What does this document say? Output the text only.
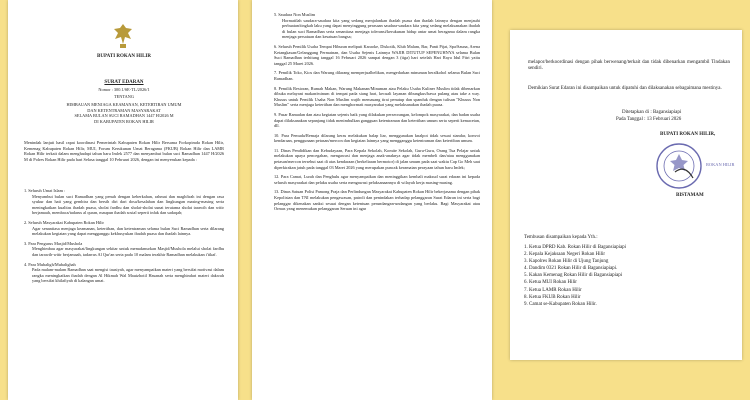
BUPATI ROKAN HILIR
SURAT EDARAN
Nomor : 300.1/SE-TL/2026/1
TENTANG
HIMBAUAN MENJAGA KEAMANAN, KETERTIBAN UMUM
DAN KETENTRAMAN MASYARAKAT
SELAMA BULAN SUCI RAMADHAN 1447 H/2026 M
DI KABUPATEN ROKAN HILIR
Menindak lanjuti hasil rapat koordinasi Pemerintah Kabupaten Rokan Hilir Bersama Forkopimda Rokan Hilir, Kemenag Kabupaten Rokan Hilir, MUI, Forum Kerukunan Umat Beragama (FKUB) Rokan Hilir dan LAMR Rokan Hilir terkait dalam menghadapi tahun baru Imlek 2577 dan menyambut bulan suci Ramadhan 1447 H/2026 M di Polres Rokan Hilir pada hari Selasa tanggal 10 Februari 2026, dengan ini menyerukan kepada :

1. Seluruh Umat Islam :

Menyambut bulan suci Ramadhan yang penuh dengan keberkahan, rahmat dan maghfirah ini dengan rasa syukur dan hati yang gembira dan bersih diri dari dosa/kesalahan dan lingkungan masing-masing serta meningkatkan kualitas ibadah puasa, sholat fardhu dan sholat-sholat sunat terutama sholat tarawih dan witir berjamaah, membaca/tadarus al quran, maupun ibadah sosial seperti infak dan sadaqah;

2. Seluruh Masyarakat Kabupaten Rokan Hilir

Agar senantiasa menjaga keamanan, ketertiban, dan ketentraman selama bulan Suci Ramadhan serta dilarang melakukan kegiatan yang dapat mengganggu kekhusyukan ibadah puasa dan ibadah lainnya.

3. Para Pengurus Masjid/Mushola

Menghimbau agar masyarakat/lingkungan sekitar untuk memakmurkan Masjid/Mushola melalui sholat fardhu dan tarawih-witir berjamaah, tadarrus Al Qur'an serta pada 10 malam terakhir Ramadhan melakukan i'tikaf.

4. Para Mubaligh/Mubalighah

Pada malam-malam Ramadhan saat mengisi tausiyah, agar menyampaikan materi yang bersifat motivasi dalam rangka meningkatkan ibadah dengan Al Hikmah Wal Mauizhotil Hasanah serta menghindari materi dakwah yang bersifat khilafiyah di kalangan umat.

5. Saudara Non Muslim

Hormatilah saudara-saudara kita yang sedang menjalankan ibadah puasa dan ibadah lainnya dengan menjauhi perbuatan/tingkah laku yang dapat menyinggung perasaan saudara-saudara kita yang sedang melaksanakan ibadah di bulan suci Ramadhan serta senantiasa menjaga toleransi/kerukunan hidup antar umat beragama dalam rangka menjaga persatuan dan kesatuan bangsa;

6. Seluruh Pemilik Usaha Tempat Hiburan meliputi Karaoke, Diskotik, Klub Malam, Bar, Panti Pijat, Spa/Sauna, Arena Ketangkasan/Gelanggang Permainan, dan Usaha Sejenis Lainnya WAJIB DITUTUP SEPENUHNYA selama Bulan Suci Ramadhan terhitung tanggal 16 Februari 2026 sampai dengan 3 (tiga) hari setelah Hari Raya Idul Fitri yaitu tanggal 25 Maret 2026.

7. Pemilik Toko, Kios dan Warung dilarang memperjualbelikan, mengedarkan minuman beralkohol selama Bulan Suci Ramadhan.

8. Pemilik Restoran, Rumah Makan, Warung Makanan/Minuman atau Pelaku Usaha Kuliner Muslim tidak dibenarkan dibuka melayani makan/minum di tempat pada siang hari, kecuali layanan dibungkus/bawa pulang atau take a way. Khusus untuk Pemilik Usaha Non Muslim wajib memasang tirai penutup dan spanduk dengan tulisan "Khusus Non Muslim" serta menjaga ketertiban dan menghormati masyarakat yang melaksanakan ibadah puasa.

9. Pasar Ramadan dan atau kegiatan sejenis baik yang dilakukan perseorangan, kelompok masyarakat, dan badan usaha dapat dilaksanakan sepanjang tidak menimbulkan gangguan ketentraman dan ketertiban umum serta seperti kemacetan, dll.

10. Para Pemuda/Remaja dilarang keras melakukan balap liar, menggunakan knalpot tidak sesuai standar, konvoi kendaraan, penggunaan petasan/mercon dan kegiatan lainnya yang mengganggu ketentraman dan ketertiban umum.

11. Dinas Pendidikan dan Kebudayaan, Para Kepala Sekolah, Komite Sekolah, Guru-Guru, Orang Tua Pelajar untuk melakukan upaya pencegahan, mengawasi dan menjaga anak-anaknya agar tidak membeli dan/atau menggunakan petasan/mercon tersebut saat di atas kendaraan (berkeliaran bermotor) di jalan umum pada saat waktu Cap Go Meh saat diperkirakan jatuh pada tanggal 03 Maret 2026 yang merupakan puncak keramaian perayaan tahun baru Imlek;

12. Para Camat, Lurah dan Penghulu agar menyampaikan dan meninggikan kembali maksud surat edaran ini kepada seluruh masyarakat dan pelaku usaha serta mengawasi pelaksanaannya di wilayah kerja masing-masing.

13. Dinas Satuan Polisi Pamong Praja dan Perlindungan Masyarakat Kabupaten Rokan Hilir bekerjasama dengan pihak Kepolisian dan TNI melakukan pengawasan, patroli dan penindakan terhadap pelanggaran Surat Edaran ini serta bagi pelanggar dikenakan sanksi sesuai dengan ketentuan perundangan-undangan yang berlaku. Bagi Masyarakat atau Ormas yang menemukan pelanggaran Seruan ini agar

melapor/berkoordinasi dengan pihak berwenang/terkait dan tidak dibenarkan mengambil Tindakan sendiri.
Demikian Surat Edaran ini disampaikan untuk dipatuhi dan dilaksanakan sebagaimana mestinya.
Ditetapkan di : Bagansiapiapi
Pada Tanggal : 13 Februari 2026
BUPATI ROKAN HILIR,
ROKAN HILIR
BISTAMAM
Tembusan disampaikan kepada Yth.:
1. Ketua DPRD Kab. Rokan Hilir di Bagansiapiapi
2. Kepala Kejaksaan Negeri Rokan Hilir
3. Kapolres Rokan Hilir di Ujung Tanjung
4. Dandim 0321 Rokan Hilir di Bagansiapiapi.
5. Kakan Kemenag Rokan Hilir di Bagansiapiapi
6. Ketua MUI Rokan Hilir
7. Ketua LAMR Rokan Hilir
8. Ketua FKUB Rokan Hilir
9. Camat se-Kabupaten Rokan Hilir.
